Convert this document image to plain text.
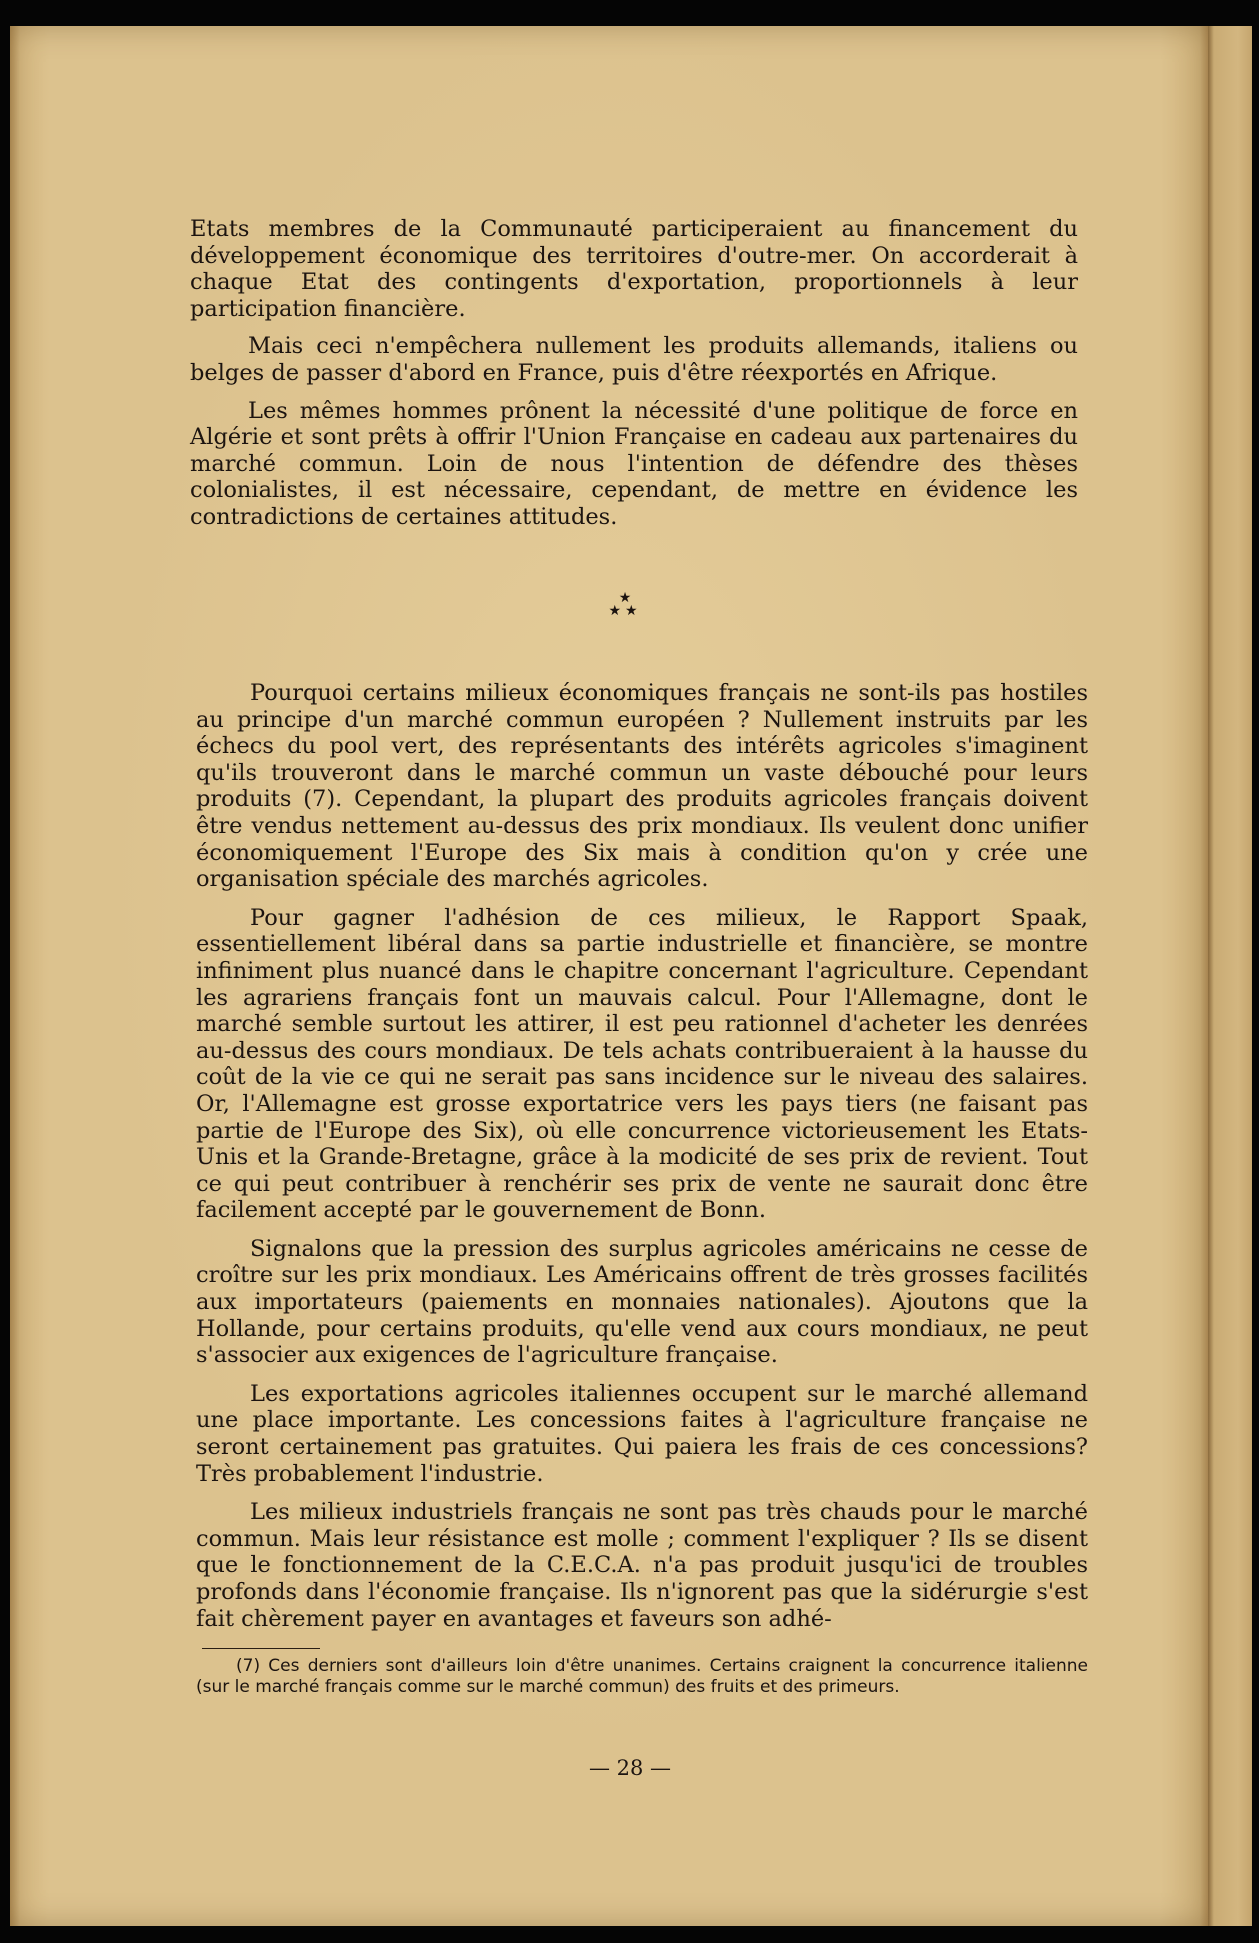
Etats membres de la Communauté participeraient au financement du développement économique des territoires d'outre-mer. On accorderait à chaque Etat des contingents d'exportation, proportionnels à leur participation financière.

Mais ceci n'empêchera nullement les produits allemands, italiens ou belges de passer d'abord en France, puis d'être réexportés en Afrique.

Les mêmes hommes prônent la nécessité d'une politique de force en Algérie et sont prêts à offrir l'Union Française en cadeau aux partenaires du marché commun. Loin de nous l'intention de défendre des thèses colonialistes, il est nécessaire, cependant, de mettre en évidence les contradictions de certaines attitudes.

★
★★

Pourquoi certains milieux économiques français ne sont-ils pas hostiles au principe d'un marché commun européen ? Nullement instruits par les échecs du pool vert, des représentants des intérêts agricoles s'imaginent qu'ils trouveront dans le marché commun un vaste débouché pour leurs produits (7). Cependant, la plupart des produits agricoles français doivent être vendus nettement au-dessus des prix mondiaux. Ils veulent donc unifier économiquement l'Europe des Six mais à condition qu'on y crée une organisation spéciale des marchés agricoles.

Pour gagner l'adhésion de ces milieux, le Rapport Spaak, essentiellement libéral dans sa partie industrielle et financière, se montre infiniment plus nuancé dans le chapitre concernant l'agriculture. Cependant les agrariens français font un mauvais calcul. Pour l'Allemagne, dont le marché semble surtout les attirer, il est peu rationnel d'acheter les denrées au-dessus des cours mondiaux. De tels achats contribueraient à la hausse du coût de la vie ce qui ne serait pas sans incidence sur le niveau des salaires. Or, l'Allemagne est grosse exportatrice vers les pays tiers (ne faisant pas partie de l'Europe des Six), où elle concurrence victorieusement les Etats-Unis et la Grande-Bretagne, grâce à la modicité de ses prix de revient. Tout ce qui peut contribuer à renchérir ses prix de vente ne saurait donc être facilement accepté par le gouvernement de Bonn.

Signalons que la pression des surplus agricoles américains ne cesse de croître sur les prix mondiaux. Les Américains offrent de très grosses facilités aux importateurs (paiements en monnaies nationales). Ajoutons que la Hollande, pour certains produits, qu'elle vend aux cours mondiaux, ne peut s'associer aux exigences de l'agriculture française.

Les exportations agricoles italiennes occupent sur le marché allemand une place importante. Les concessions faites à l'agriculture française ne seront certainement pas gratuites. Qui paiera les frais de ces concessions? Très probablement l'industrie.

Les milieux industriels français ne sont pas très chauds pour le marché commun. Mais leur résistance est molle ; comment l'expliquer ? Ils se disent que le fonctionnement de la C.E.C.A. n'a pas produit jusqu'ici de troubles profonds dans l'économie française. Ils n'ignorent pas que la sidérurgie s'est fait chèrement payer en avantages et faveurs son adhé-

(7) Ces derniers sont d'ailleurs loin d'être unanimes. Certains craignent la concurrence italienne (sur le marché français comme sur le marché commun) des fruits et des primeurs.

— 28 —
